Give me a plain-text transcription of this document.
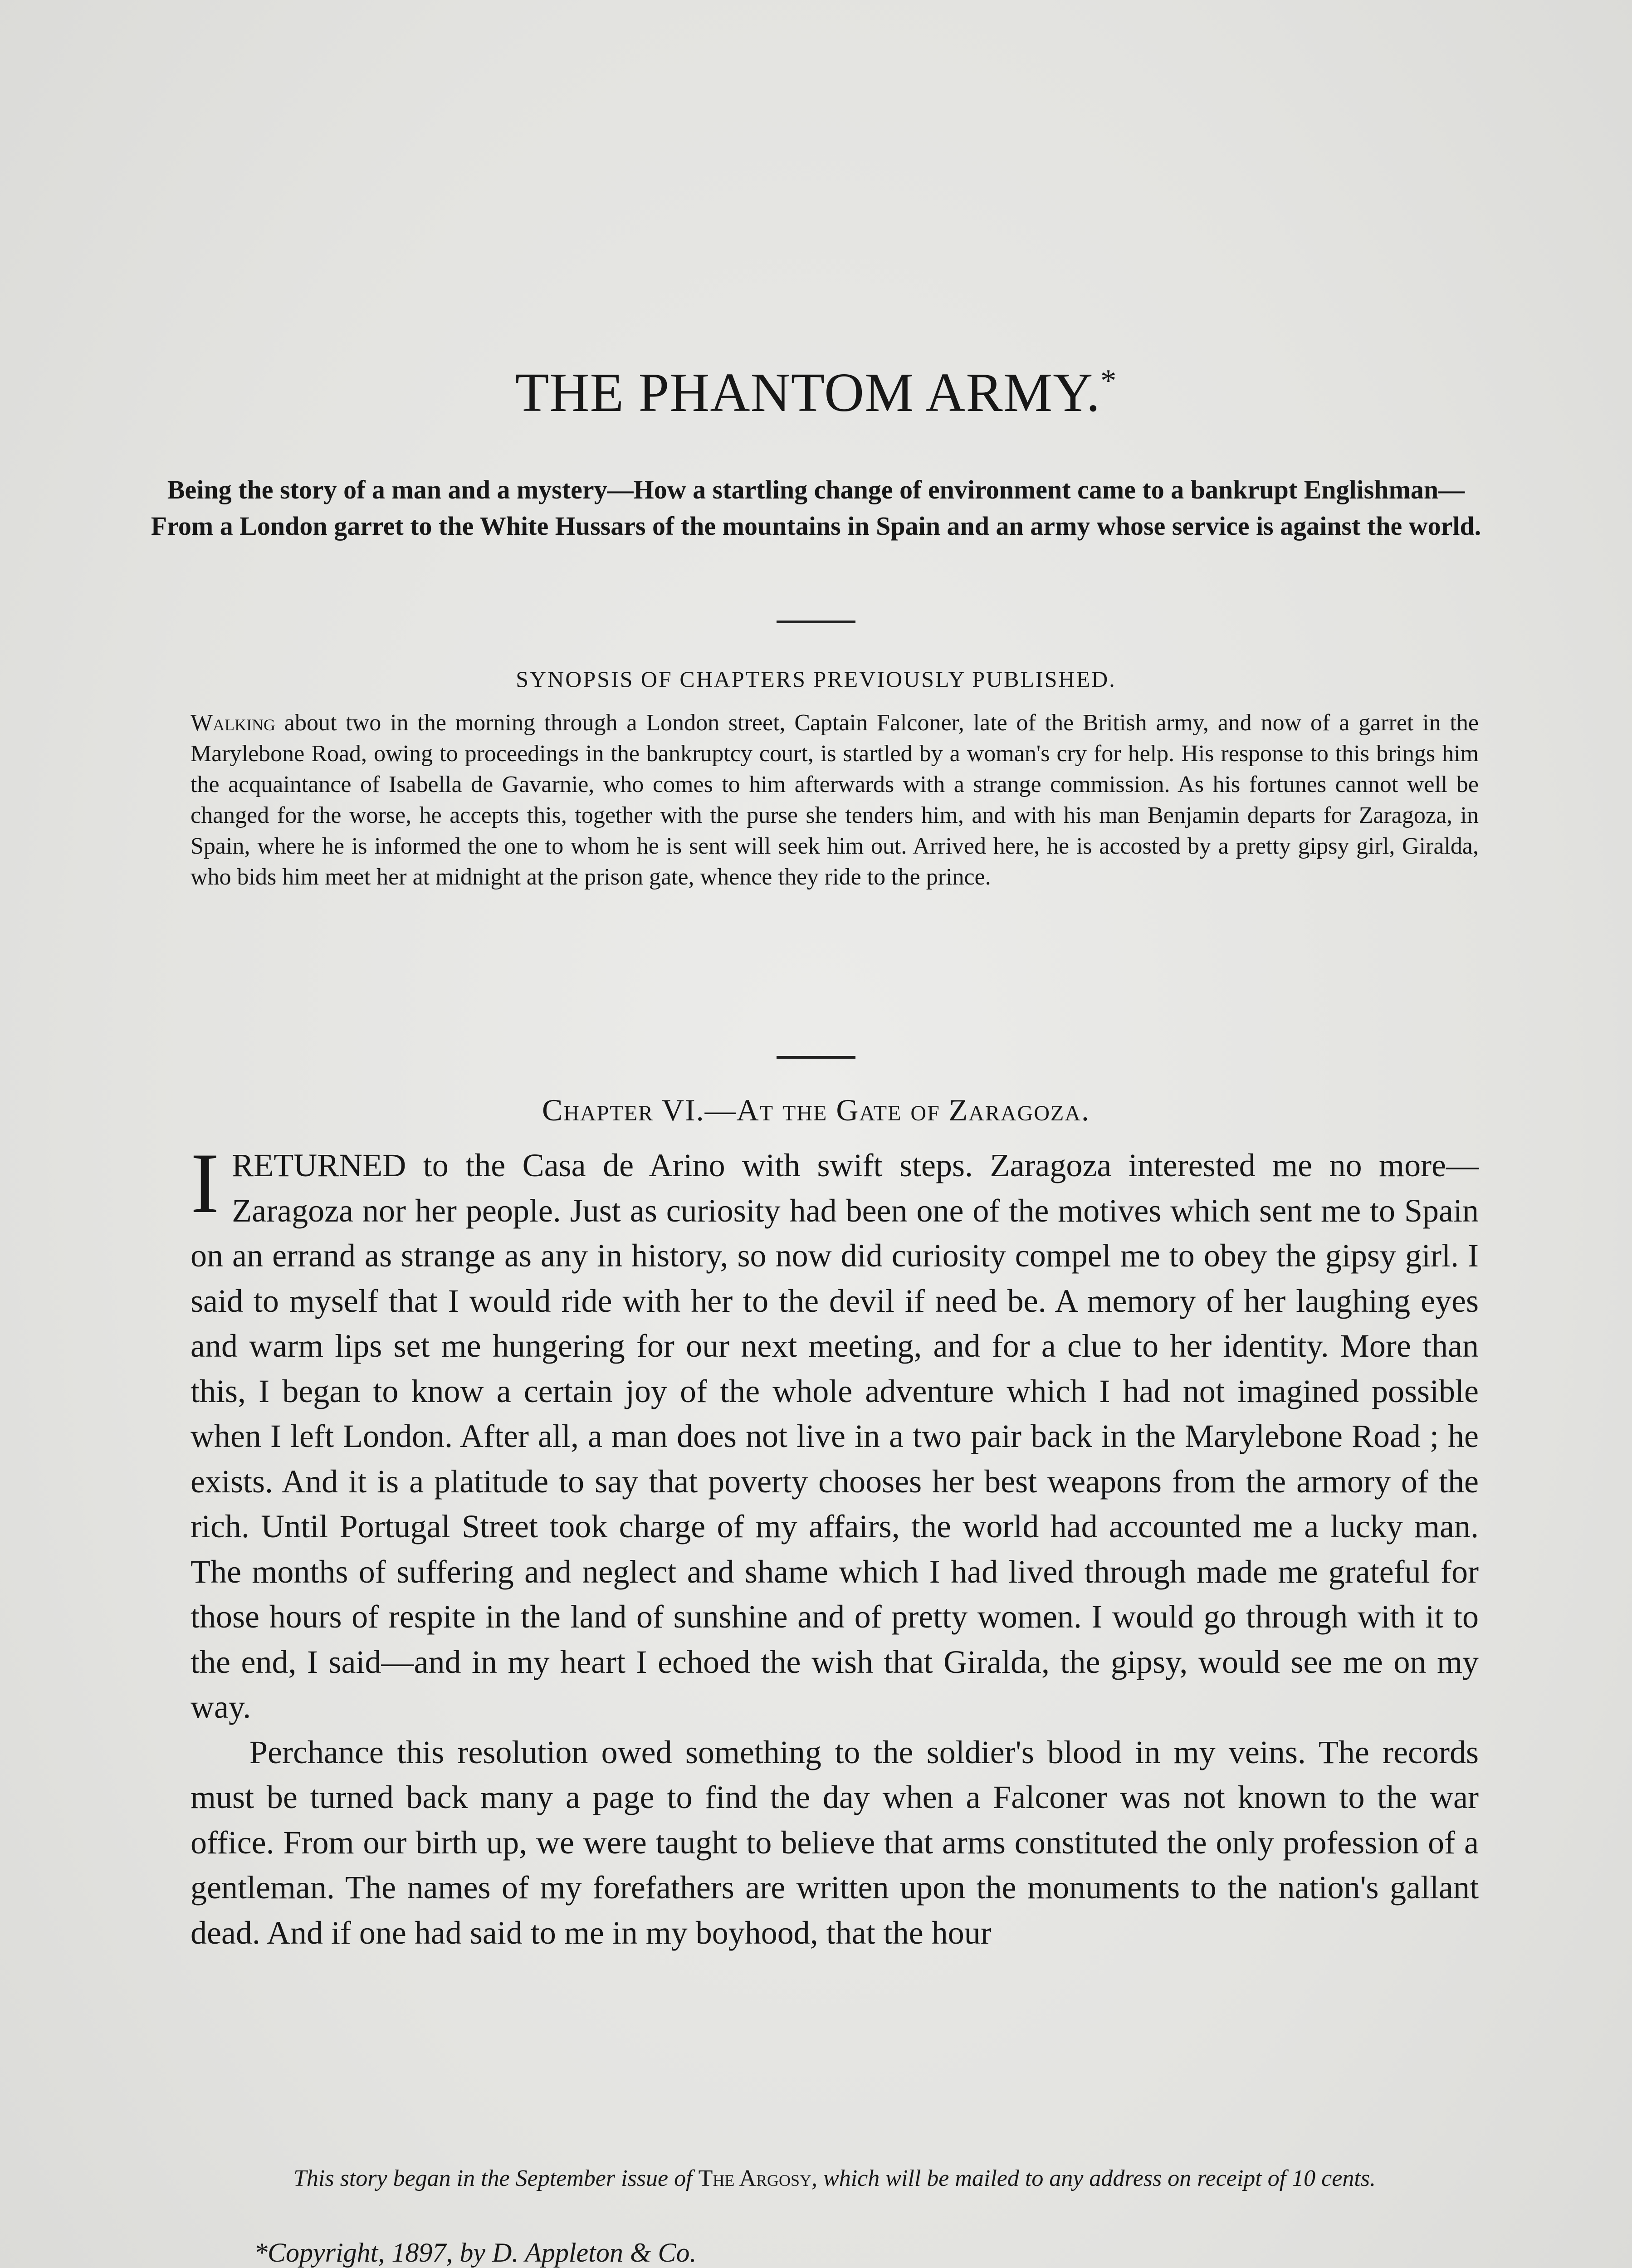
THE PHANTOM ARMY.*
Being the story of a man and a mystery—How a startling change of environment came to a bankrupt Englishman—From a London garret to the White Hussars of the mountains in Spain and an army whose service is against the world.
SYNOPSIS OF CHAPTERS PREVIOUSLY PUBLISHED.
Walking about two in the morning through a London street, Captain Falconer, late of the British army, and now of a garret in the Marylebone Road, owing to proceedings in the bankruptcy court, is startled by a woman's cry for help. His response to this brings him the acquaintance of Isabella de Gavarnie, who comes to him afterwards with a strange commission. As his fortunes cannot well be changed for the worse, he accepts this, together with the purse she tenders him, and with his man Benjamin departs for Zaragoza, in Spain, where he is informed the one to whom he is sent will seek him out. Arrived here, he is accosted by a pretty gipsy girl, Giralda, who bids him meet her at midnight at the prison gate, whence they ride to the prince.
Chapter VI.—At the Gate of Zaragoza.

IRETURNED to the Casa de Arino with swift steps. Zaragoza interested me no more—Zaragoza nor her people. Just as curiosity had been one of the motives which sent me to Spain on an errand as strange as any in history, so now did curiosity compel me to obey the gipsy girl. I said to myself that I would ride with her to the devil if need be. A memory of her laughing eyes and warm lips set me hungering for our next meeting, and for a clue to her identity. More than this, I began to know a certain joy of the whole adventure which I had not imagined possible when I left London. After all, a man does not live in a two pair back in the Marylebone Road ; he exists. And it is a platitude to say that poverty chooses her best weapons from the armory of the rich. Until Portugal Street took charge of my affairs, the world had accounted me a lucky man. The months of suffering and neglect and shame which I had lived through made me grateful for those hours of respite in the land of sunshine and of pretty women. I would go through with it to the end, I said—and in my heart I echoed the wish that Giralda, the gipsy, would see me on my way.

Perchance this resolution owed something to the soldier's blood in my veins. The records must be turned back many a page to find the day when a Falconer was not known to the war office. From our birth up, we were taught to believe that arms constituted the only profession of a gentleman. The names of my forefathers are written upon the monuments to the nation's gallant dead. And if one had said to me in my boyhood, that the hour

This story began in the September issue of The Argosy, which will be mailed to any address on receipt of 10 cents.
*Copyright, 1897, by D. Appleton & Co.
